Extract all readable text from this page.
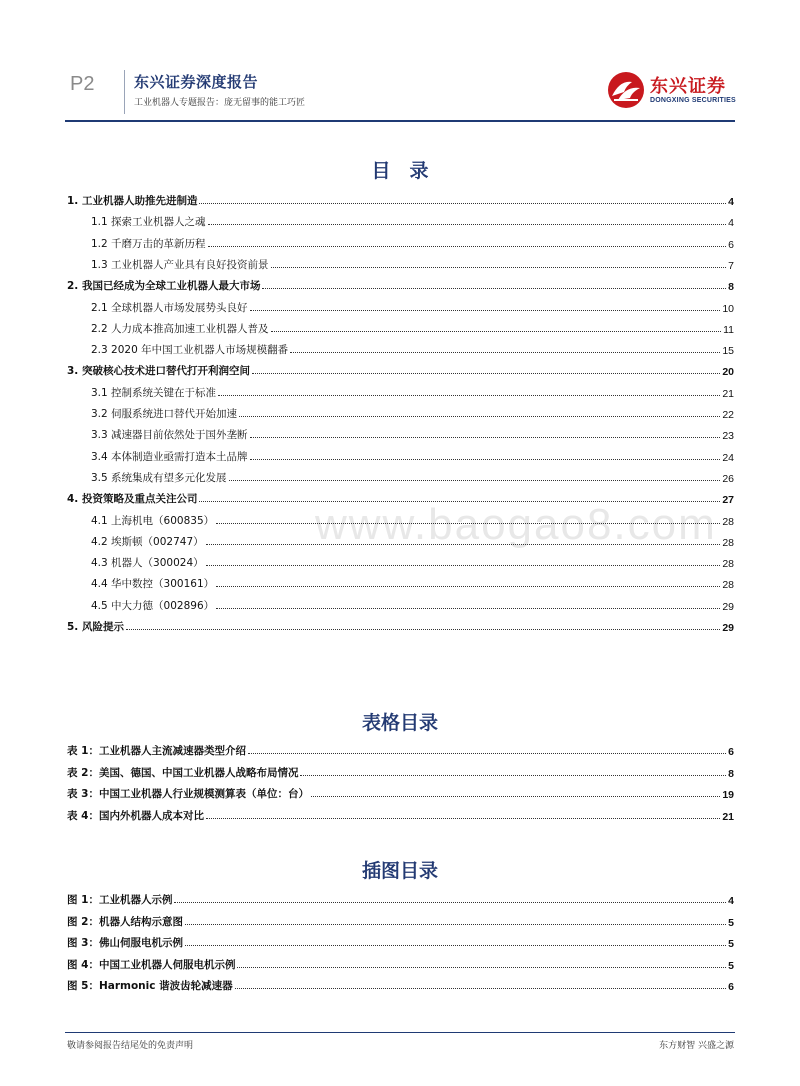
P2	东兴证券深度报告
工业机器人专题报告：庞无留事的能工巧匠
东兴证券
DONGXING SECURITIES
www.baogao8.com
目　录
1. 工业机器人助推先进制造	4
1.1 探索工业机器人之魂	4
1.2 千磨万击的革新历程	6
1.3 工业机器人产业具有良好投资前景	7
2. 我国已经成为全球工业机器人最大市场	8
2.1 全球机器人市场发展势头良好	10
2.2 人力成本推高加速工业机器人普及	11
2.3 2020 年中国工业机器人市场规模翻番	15
3. 突破核心技术进口替代打开利润空间	20
3.1 控制系统关键在于标准	21
3.2 伺服系统进口替代开始加速	22
3.3 减速器目前依然处于国外垄断	23
3.4 本体制造业亟需打造本土品牌	24
3.5 系统集成有望多元化发展	26
4. 投资策略及重点关注公司	27
4.1 上海机电（600835）	28
4.2 埃斯顿（002747）	28
4.3 机器人（300024）	28
4.4 华中数控（300161）	28
4.5 中大力德（002896）	29
5. 风险提示	29
表格目录
表 1：工业机器人主流减速器类型介绍	6
表 2：美国、德国、中国工业机器人战略布局情况	8
表 3：中国工业机器人行业规模测算表（单位：台）	19
表 4：国内外机器人成本对比	21
插图目录
图 1：工业机器人示例	4
图 2：机器人结构示意图	5
图 3：佛山伺服电机示例	5
图 4：中国工业机器人伺服电机示例	5
图 5：Harmonic 谐波齿轮减速器	6
敬请参阅报告结尾处的免责声明	东方财智 兴盛之源
